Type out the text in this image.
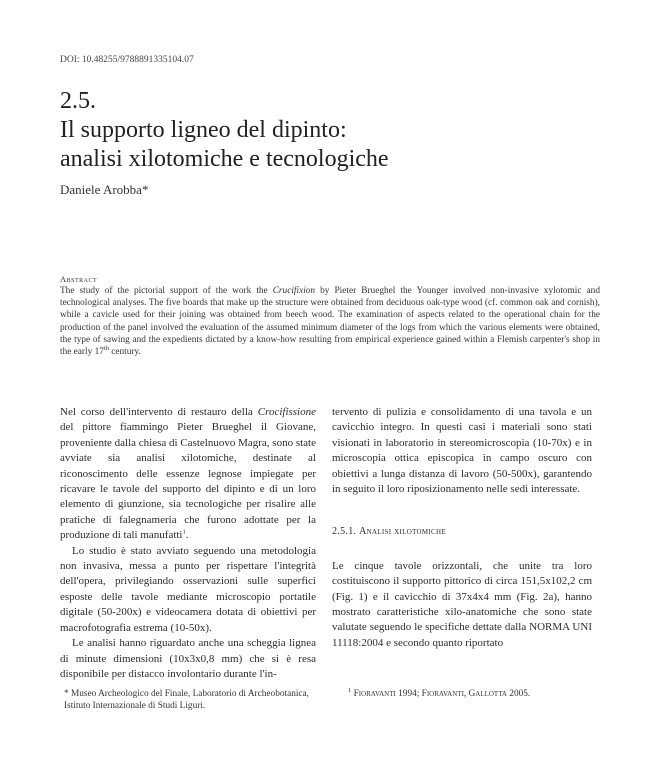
DOI: 10.48255/9788891335104.07
2.5.
Il supporto ligneo del dipinto:
analisi xilotomiche e tecnologiche
Daniele Arobba*
Abstract
The study of the pictorial support of the work the Crucifixion by Pieter Brueghel the Younger involved non-invasive xylotomic and technological analyses. The five boards that make up the structure were obtained from deciduous oak-type wood (cf. common oak and cornish), while a cavicle used for their joining was obtained from beech wood. The examination of aspects related to the operational chain for the production of the panel involved the evaluation of the assumed minimum diameter of the logs from which the various elements were obtained, the type of sawing and the expedients dictated by a know-how resulting from empirical experience gained within a Flemish carpenter's shop in the early 17th century.

Nel corso dell'intervento di restauro della Crocifissione del pittore fiammingo Pieter Brueghel il Giovane, proveniente dalla chiesa di Castelnuovo Magra, sono state avviate sia analisi xilotomiche, destinate al riconoscimento delle essenze legnose impiegate per ricavare le tavole del supporto del dipinto e di un loro elemento di giunzione, sia tecnologiche per risalire alle pratiche di falegnameria che furono adottate per la produzione di tali manufatti$^1$.

Lo studio è stato avviato seguendo una metodologia non invasiva, messa a punto per rispettare l'integrità dell'opera, privilegiando osservazioni sulle superfici esposte delle tavole mediante microscopio portatile digitale (50-200x) e videocamera dotata di obiettivi per macrofotografia estrema (10-50x).

Le analisi hanno riguardato anche una scheggia lignea di minute dimensioni (10x3x0,8 mm) che si è resa disponibile per distacco involontario durante l'in-

tervento di pulizia e consolidamento di una tavola e un cavicchio integro. In questi casi i materiali sono stati visionati in laboratorio in stereomicroscopia (10-70x) e in microscopia ottica episcopica in campo oscuro con obiettivi a lunga distanza di lavoro (50-500x), garantendo in seguito il loro riposizionamento nelle sedi interessate.

2.5.1. Analisi xilotomiche

Le cinque tavole orizzontali, che unite tra loro costituiscono il supporto pittorico di circa 151,5x102,2 cm (Fig. 1) e il cavicchio di 37x4x4 mm (Fig. 2a), hanno mostrato caratteristiche xilo-anatomiche che sono state valutate seguendo le specifiche dettate dalla NORMA UNI 11118:2004 e secondo quanto riportato

* Museo Archeologico del Finale, Laboratorio di Archeobotanica, Istituto Internazionale di Studi Liguri.
$^1$ Fioravanti 1994; Fioravanti, Gallotta 2005.
